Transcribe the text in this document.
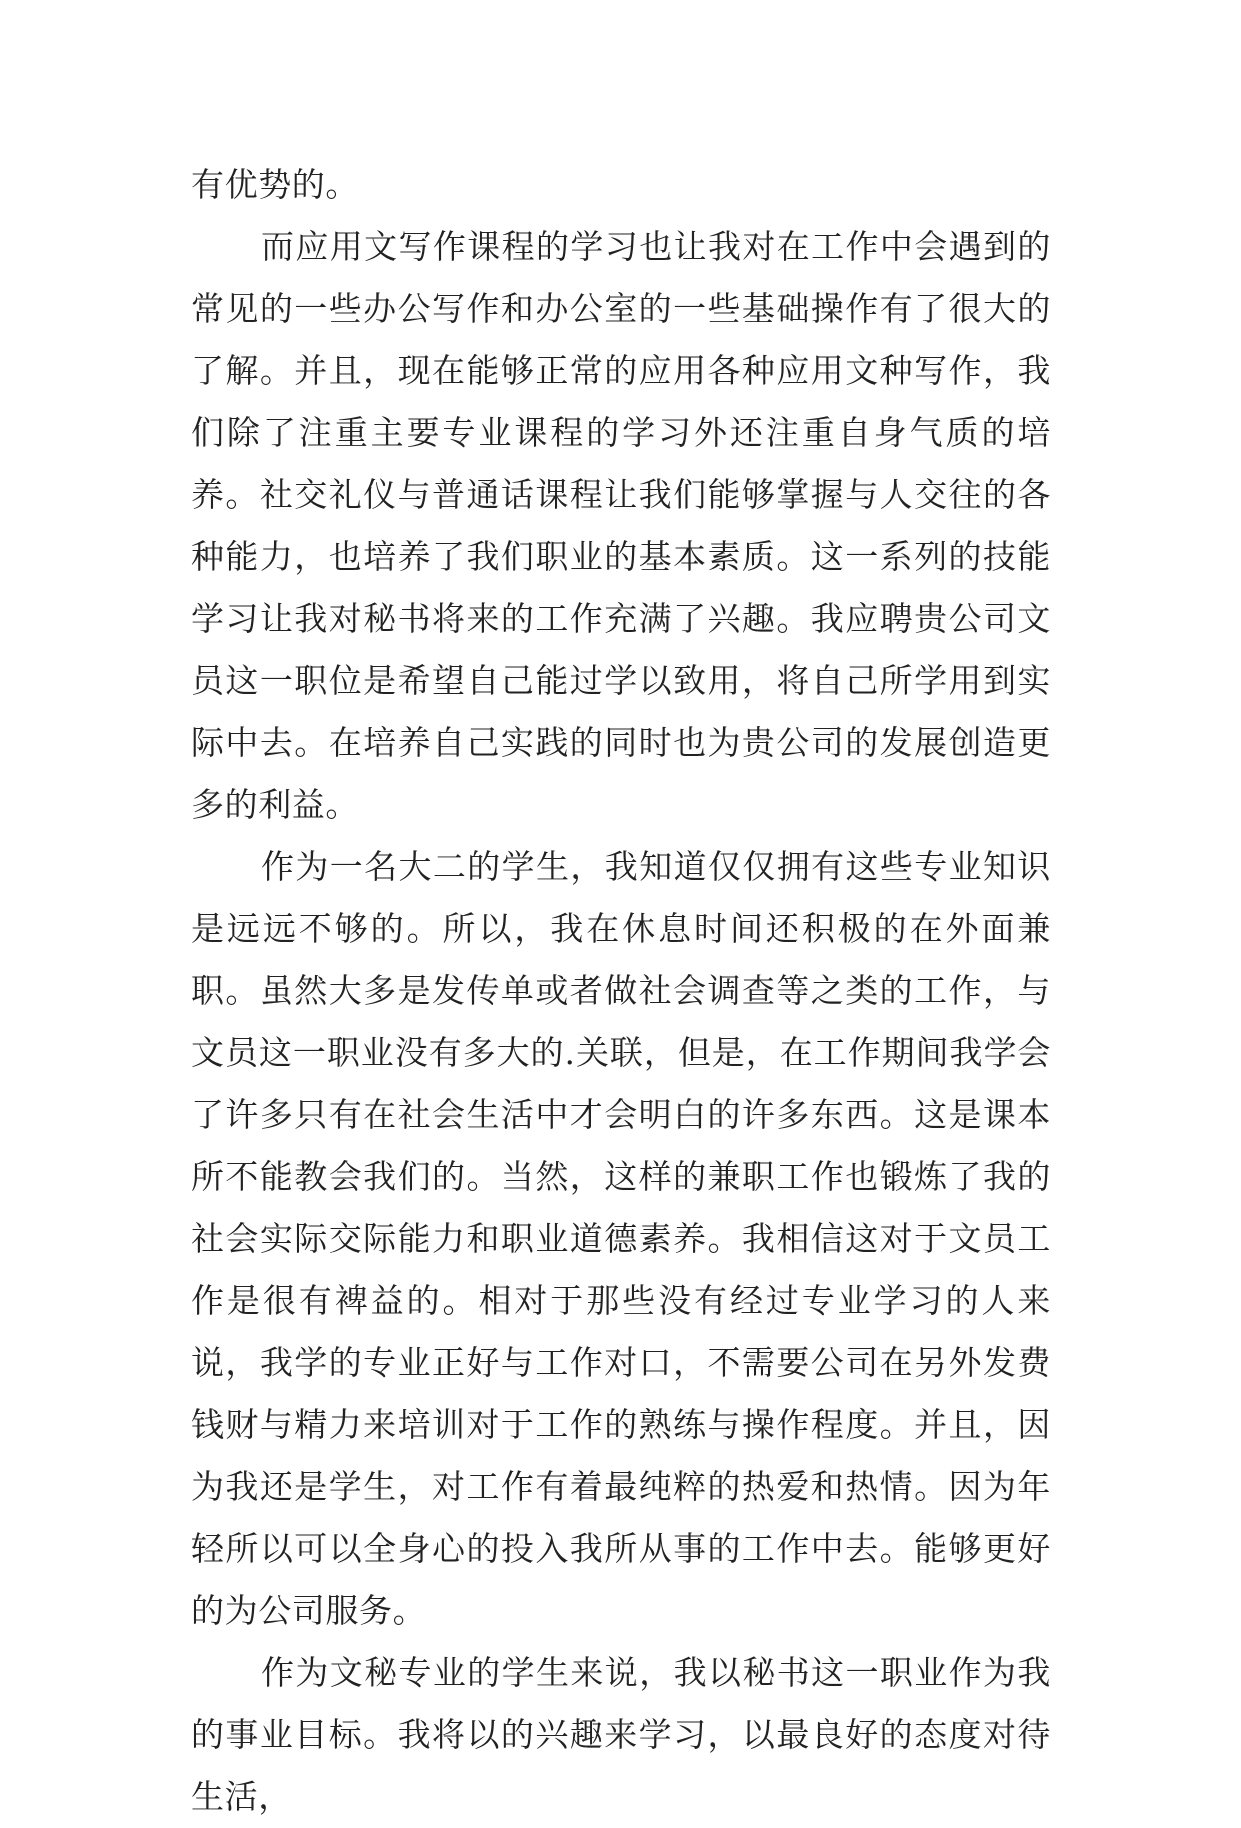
有优势的。

而应用文写作课程的学习也让我对在工作中会遇到的常见的一些办公写作和办公室的一些基础操作有了很大的了解。并且，现在能够正常的应用各种应用文种写作，我们除了注重主要专业课程的学习外还注重自身气质的培养。社交礼仪与普通话课程让我们能够掌握与人交往的各种能力，也培养了我们职业的基本素质。这一系列的技能学习让我对秘书将来的工作充满了兴趣。我应聘贵公司文员这一职位是希望自己能过学以致用，将自己所学用到实际中去。在培养自己实践的同时也为贵公司的发展创造更多的利益。

作为一名大二的学生，我知道仅仅拥有这些专业知识是远远不够的。所以，我在休息时间还积极的在外面兼职。虽然大多是发传单或者做社会调查等之类的工作，与文员这一职业没有多大的.关联，但是，在工作期间我学会了许多只有在社会生活中才会明白的许多东西。这是课本所不能教会我们的。当然，这样的兼职工作也锻炼了我的社会实际交际能力和职业道德素养。我相信这对于文员工作是很有裨益的。相对于那些没有经过专业学习的人来说，我学的专业正好与工作对口，不需要公司在另外发费钱财与精力来培训对于工作的熟练与操作程度。并且，因为我还是学生，对工作有着最纯粹的热爱和热情。因为年轻所以可以全身心的投入我所从事的工作中去。能够更好的为公司服务。

作为文秘专业的学生来说，我以秘书这一职业作为我的事业目标。我将以的兴趣来学习，以最良好的态度对待生活，
